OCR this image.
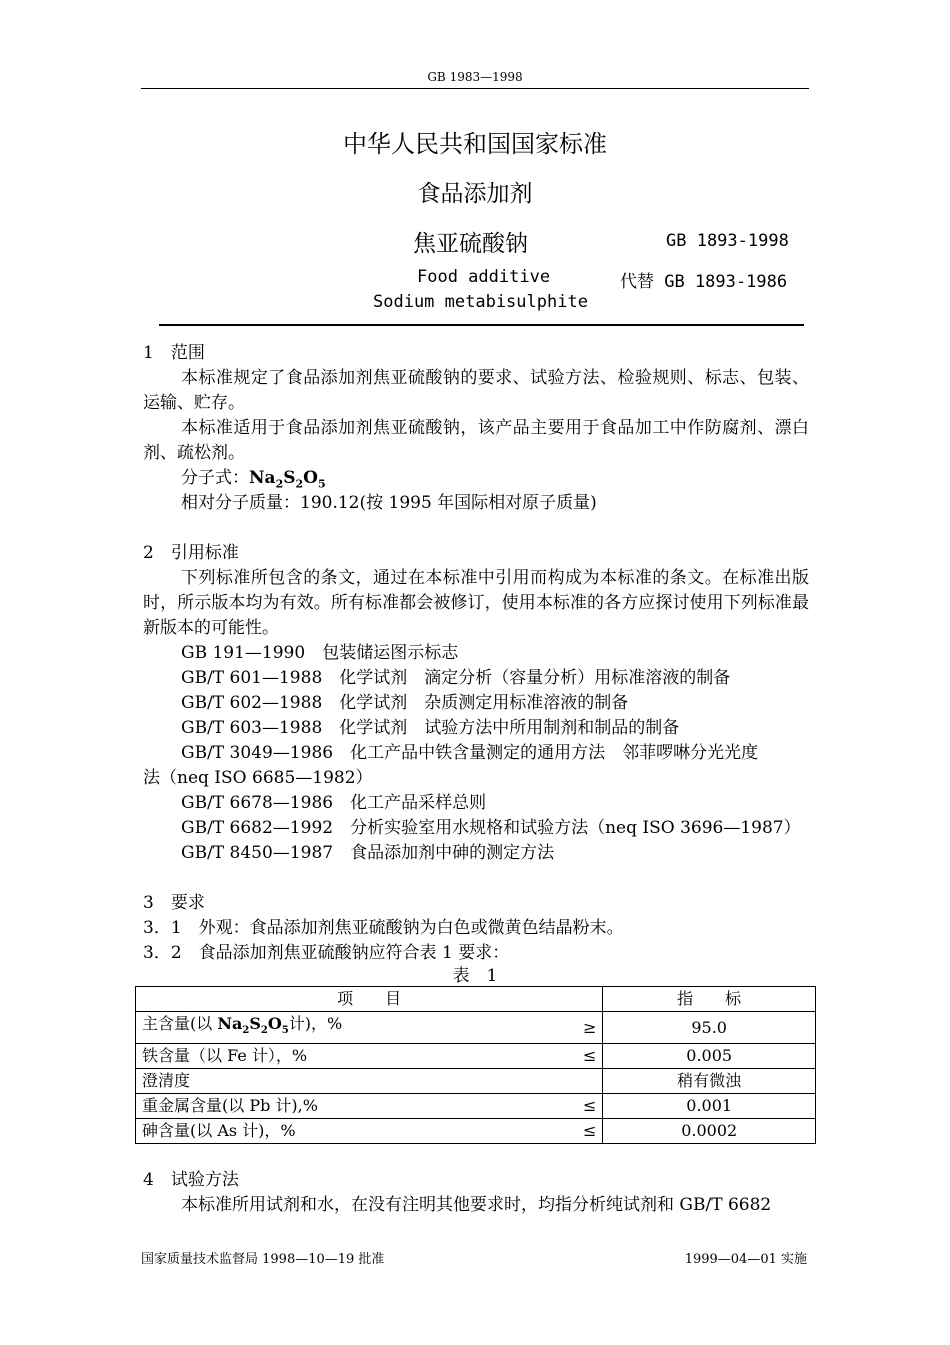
GB 1983—1998
中华人民共和国国家标准
食品添加剂
焦亚硫酸钠	GB 1893-1998
Food additive	代替 GB 1893-1986
Sodium metabisulphite
1　范围
本标准规定了食品添加剂焦亚硫酸钠的要求、试验方法、检验规则、标志、包装、运输、贮存。
本标准适用于食品添加剂焦亚硫酸钠，该产品主要用于食品加工中作防腐剂、漂白剂、疏松剂。
分子式：$Na_2S_2O_5$
相对分子质量：190.12(按 1995 年国际相对原子质量)
2　引用标准
下列标准所包含的条文，通过在本标准中引用而构成为本标准的条文。在标准出版时，所示版本均为有效。所有标准都会被修订，使用本标准的各方应探讨使用下列标准最新版本的可能性。
GB 191—1990　包装储运图示标志
GB/T 601—1988　化学试剂　滴定分析（容量分析）用标准溶液的制备
GB/T 602—1988　化学试剂　杂质测定用标准溶液的制备
GB/T 603—1988　化学试剂　试验方法中所用制剂和制品的制备
GB/T 3049—1986　化工产品中铁含量测定的通用方法　邻菲啰啉分光光度
法（neq ISO 6685—1982）
GB/T 6678—1986　化工产品采样总则
GB/T 6682—1992　分析实验室用水规格和试验方法（neq ISO 3696—1987）
GB/T 8450—1987　食品添加剂中砷的测定方法
3　要求
3．1　外观：食品添加剂焦亚硫酸钠为白色或微黄色结晶粉末。
3．2　食品添加剂焦亚硫酸钠应符合表 1 要求：
表　1
项　　目		指　　标
主含量(以 $Na_2S_2O_5$计)，%	≥	95.0
铁含量（以 Fe 计），%	≤	0.005
澄清度		稍有微浊
重金属含量(以 Pb 计),%	≤	0.001
砷含量(以 As 计)，%	≤	0.0002
4　试验方法
本标准所用试剂和水，在没有注明其他要求时，均指分析纯试剂和 GB/T 6682
国家质量技术监督局 1998—10—19 批准	1999—04—01 实施
